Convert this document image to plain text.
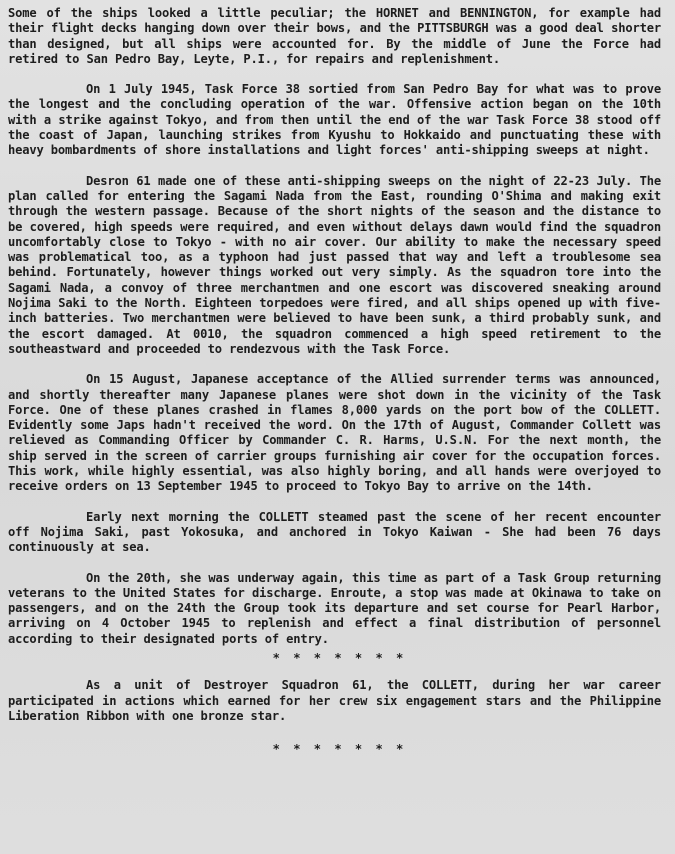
Some of the ships looked a little peculiar; the HORNET and BENNINGTON, for example had their flight decks hanging down over their bows, and the PITTSBURGH was a good deal shorter than designed, but all ships were accounted for. By the middle of June the Force had retired to San Pedro Bay, Leyte, P.I., for repairs and replenishment.

On 1 July 1945, Task Force 38 sortied from San Pedro Bay for what was to prove the longest and the concluding operation of the war. Offensive action began on the 10th with a strike against Tokyo, and from then until the end of the war Task Force 38 stood off the coast of Japan, launching strikes from Kyushu to Hokkaido and punctuating these with heavy bombardments of shore installations and light forces' anti-shipping sweeps at night.

Desron 61 made one of these anti-shipping sweeps on the night of 22-23 July. The plan called for entering the Sagami Nada from the East, rounding O'Shima and making exit through the western passage. Because of the short nights of the season and the distance to be covered, high speeds were required, and even without delays dawn would find the squadron uncomfortably close to Tokyo - with no air cover. Our ability to make the necessary speed was problematical too, as a typhoon had just passed that way and left a troublesome sea behind. Fortunately, however things worked out very simply. As the squadron tore into the Sagami Nada, a convoy of three merchantmen and one escort was discovered sneaking around Nojima Saki to the North. Eighteen torpedoes were fired, and all ships opened up with five-inch batteries. Two merchantmen were believed to have been sunk, a third probably sunk, and the escort damaged. At 0010, the squadron commenced a high speed retirement to the southeastward and proceeded to rendezvous with the Task Force.

On 15 August, Japanese acceptance of the Allied surrender terms was announced, and shortly thereafter many Japanese planes were shot down in the vicinity of the Task Force. One of these planes crashed in flames 8,000 yards on the port bow of the COLLETT. Evidently some Japs hadn't received the word. On the 17th of August, Commander Collett was relieved as Commanding Officer by Commander C. R. Harms, U.S.N. For the next month, the ship served in the screen of carrier groups furnishing air cover for the occupation forces. This work, while highly essential, was also highly boring, and all hands were overjoyed to receive orders on 13 September 1945 to proceed to Tokyo Bay to arrive on the 14th.

Early next morning the COLLETT steamed past the scene of her recent encounter off Nojima Saki, past Yokosuka, and anchored in Tokyo Kaiwan - She had been 76 days continuously at sea.

On the 20th, she was underway again, this time as part of a Task Group returning veterans to the United States for discharge. Enroute, a stop was made at Okinawa to take on passengers, and on the 24th the Group took its departure and set course for Pearl Harbor, arriving on 4 October 1945 to replenish and effect a final distribution of personnel according to their designated ports of entry.

* * * * * * *

As a unit of Destroyer Squadron 61, the COLLETT, during her war career participated in actions which earned for her crew six engagement stars and the Philippine Liberation Ribbon with one bronze star.

* * * * * * *
